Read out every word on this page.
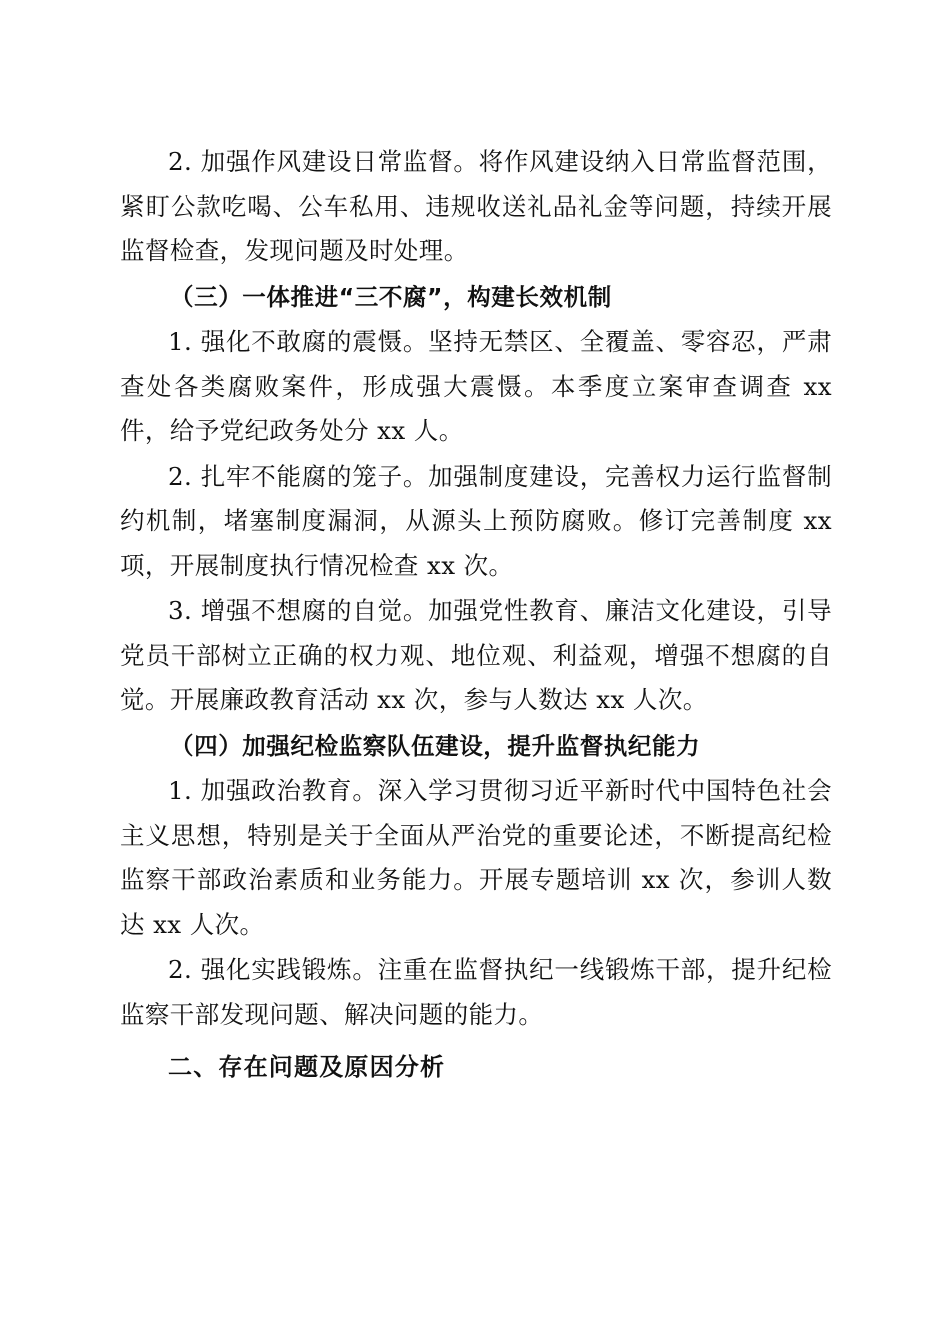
2. 加强作风建设日常监督。将作风建设纳入日常监督范围，紧盯公款吃喝、公车私用、违规收送礼品礼金等问题，持续开展监督检查，发现问题及时处理。

（三）一体推进“三不腐”，构建长效机制

1. 强化不敢腐的震慑。坚持无禁区、全覆盖、零容忍，严肃查处各类腐败案件，形成强大震慑。本季度立案审查调查 xx 件，给予党纪政务处分 xx 人。

2. 扎牢不能腐的笼子。加强制度建设，完善权力运行监督制约机制，堵塞制度漏洞，从源头上预防腐败。修订完善制度 xx 项，开展制度执行情况检查 xx 次。

3. 增强不想腐的自觉。加强党性教育、廉洁文化建设，引导党员干部树立正确的权力观、地位观、利益观，增强不想腐的自觉。开展廉政教育活动 xx 次，参与人数达 xx 人次。

（四）加强纪检监察队伍建设，提升监督执纪能力

1. 加强政治教育。深入学习贯彻习近平新时代中国特色社会主义思想，特别是关于全面从严治党的重要论述，不断提高纪检监察干部政治素质和业务能力。开展专题培训 xx 次，参训人数达 xx 人次。

2. 强化实践锻炼。注重在监督执纪一线锻炼干部，提升纪检监察干部发现问题、解决问题的能力。

二、存在问题及原因分析
